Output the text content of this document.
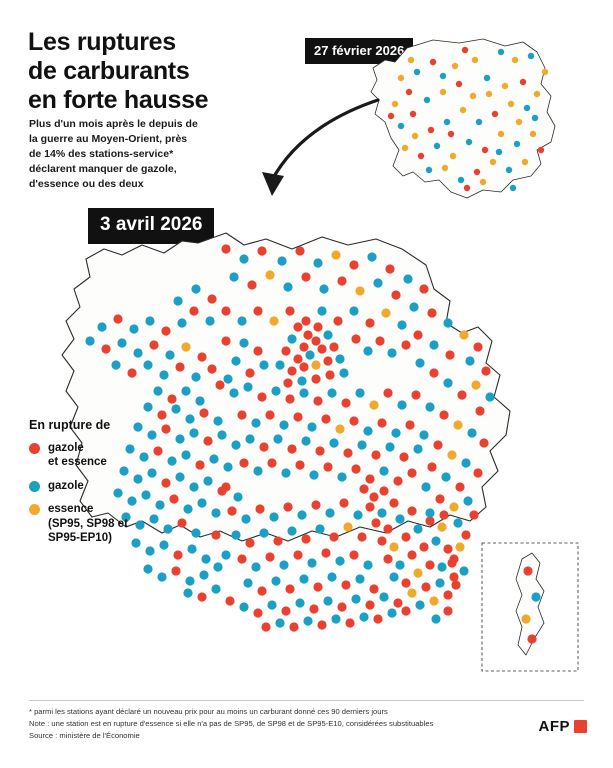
Les ruptures
de carburants
en forte hausse
Plus d'un mois après le depuis de
la guerre au Moyen-Orient, près
de 14% des stations-service*
déclarent manquer de gazole,
d'essence ou des deux
27 février 2026
3 avril 2026
En rupture de
gazole
et essence
gazole
essence
(SP95, SP98 et
SP95-EP10)
* parmi les stations ayant déclaré un nouveau prix pour au moins un carburant donné ces 90 derniers jours
Note : une station est en rupture d'essence si elle n'a pas de SP95, de SP98 et de SP95-E10, considérées substituables
Source : ministère de l'Économie
AFP
